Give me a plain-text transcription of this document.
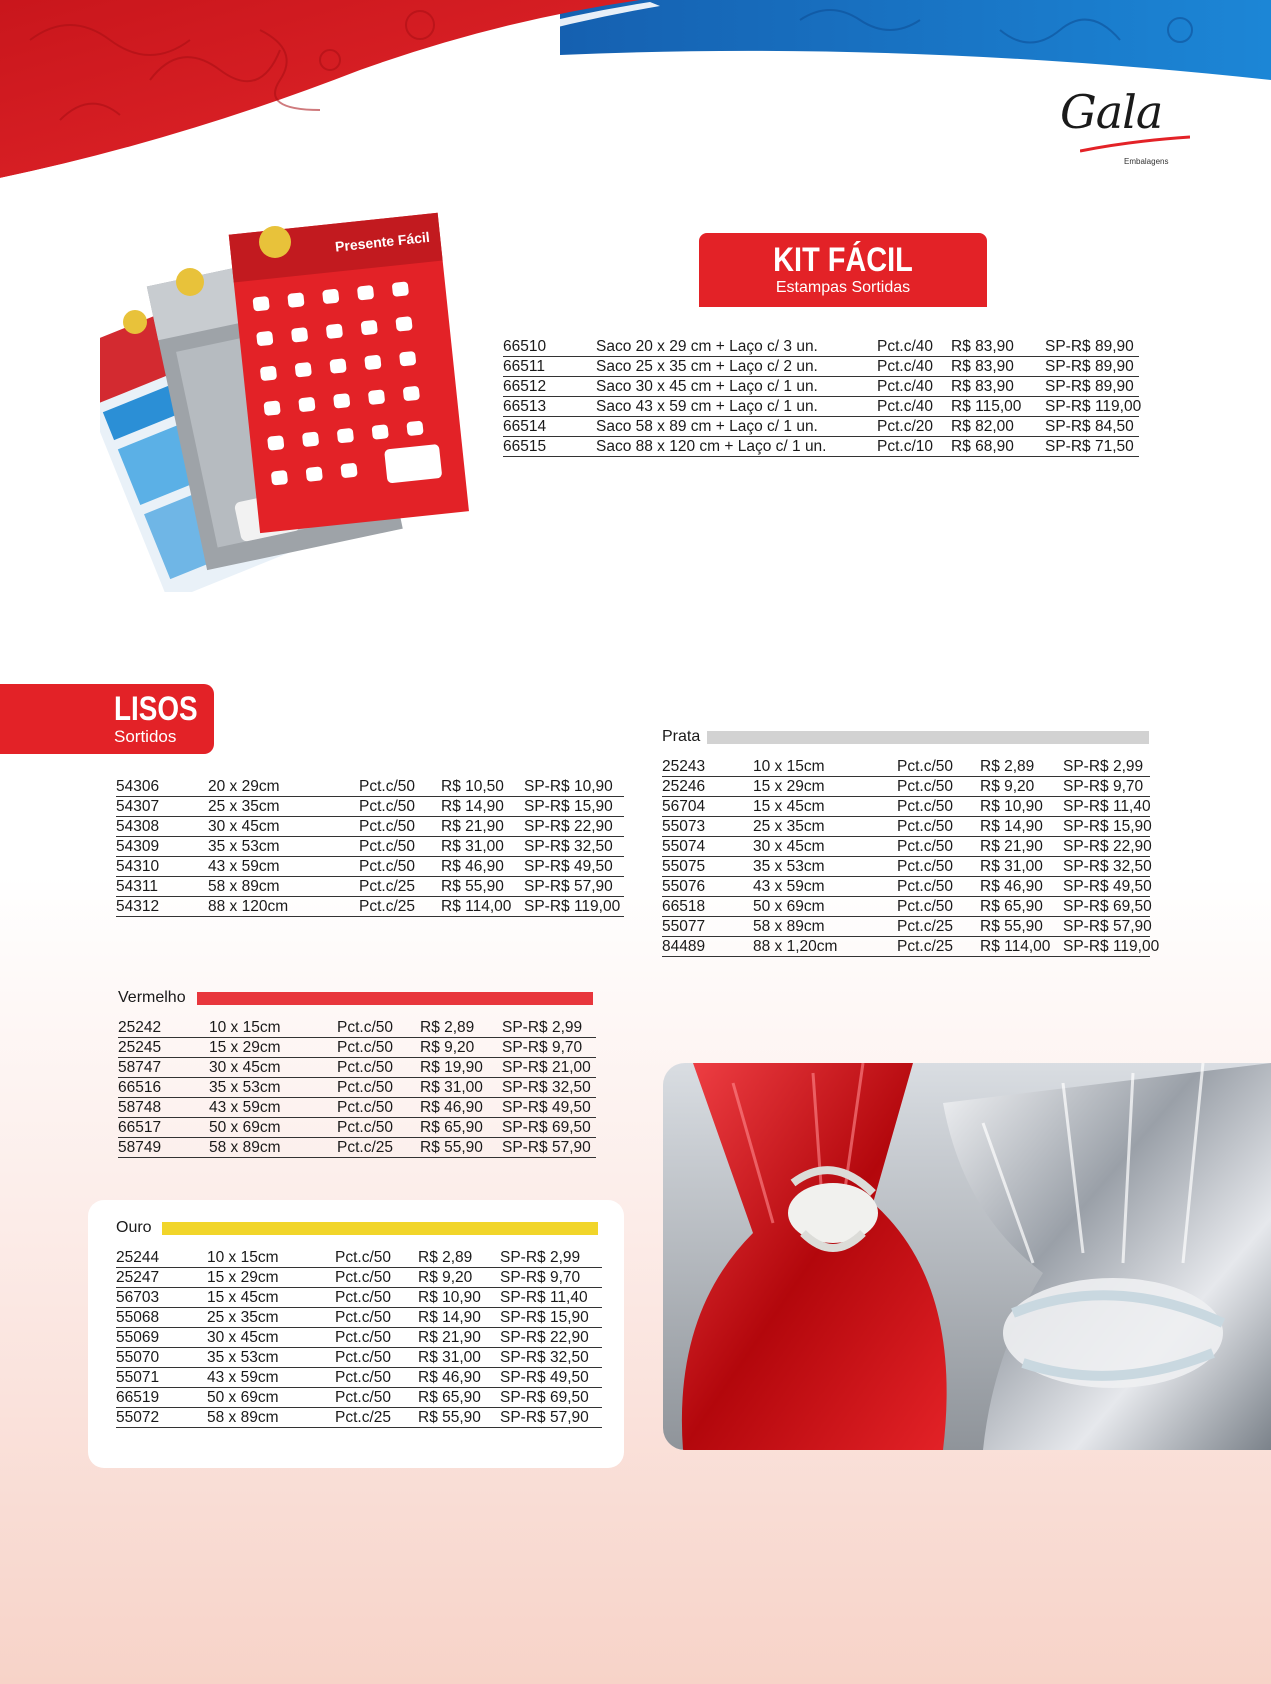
Gala
Embalagens
Presente Fácil	KIT FÁCIL
Estampas Sortidas
66510	Saco 20 x 29 cm + Laço c/ 3 un.	Pct.c/40 R$ 83,90 SP-R$ 89,90
66511	Saco 25 x 35 cm + Laço c/ 2 un.	Pct.c/40 R$ 83,90 SP-R$ 89,90
66512	Saco 30 x 45 cm + Laço c/ 1 un.	Pct.c/40 R$ 83,90 SP-R$ 89,90
66513	Saco 43 x 59 cm + Laço c/ 1 un.	Pct.c/40 R$ 115,00 SP-R$ 119,00
66514	Saco 58 x 89 cm + Laço c/ 1 un.	Pct.c/20 R$ 82,00 SP-R$ 84,50
66515	Saco 88 x 120 cm + Laço c/ 1 un.	Pct.c/10 R$ 68,90 SP-R$ 71,50
LISOS
Sortidos
54306	20 x 29cm	Pct.c/50 R$ 10,50 SP-R$ 10,90
54307	25 x 35cm	Pct.c/50 R$ 14,90 SP-R$ 15,90
54308	30 x 45cm	Pct.c/50 R$ 21,90 SP-R$ 22,90
54309	35 x 53cm	Pct.c/50 R$ 31,00 SP-R$ 32,50
54310	43 x 59cm	Pct.c/50 R$ 46,90 SP-R$ 49,50
54311	58 x 89cm	Pct.c/25 R$ 55,90 SP-R$ 57,90
54312	88 x 120cm	Pct.c/25 R$ 114,00 SP-R$ 119,00
Prata
25243	10 x 15cm	Pct.c/50 R$ 2,89 SP-R$ 2,99
25246	15 x 29cm	Pct.c/50 R$ 9,20 SP-R$ 9,70
56704	15 x 45cm	Pct.c/50 R$ 10,90 SP-R$ 11,40
55073	25 x 35cm	Pct.c/50 R$ 14,90 SP-R$ 15,90
55074	30 x 45cm	Pct.c/50 R$ 21,90 SP-R$ 22,90
55075	35 x 53cm	Pct.c/50 R$ 31,00 SP-R$ 32,50
55076	43 x 59cm	Pct.c/50 R$ 46,90 SP-R$ 49,50
66518	50 x 69cm	Pct.c/50 R$ 65,90 SP-R$ 69,50
55077	58 x 89cm	Pct.c/25 R$ 55,90 SP-R$ 57,90
84489	88 x 1,20cm	Pct.c/25 R$ 114,00 SP-R$ 119,00
Vermelho
25242	10 x 15cm	Pct.c/50 R$ 2,89 SP-R$ 2,99
25245	15 x 29cm	Pct.c/50 R$ 9,20 SP-R$ 9,70
58747	30 x 45cm	Pct.c/50 R$ 19,90 SP-R$ 21,00
66516	35 x 53cm	Pct.c/50 R$ 31,00 SP-R$ 32,50
58748	43 x 59cm	Pct.c/50 R$ 46,90 SP-R$ 49,50
66517	50 x 69cm	Pct.c/50 R$ 65,90 SP-R$ 69,50
58749	58 x 89cm	Pct.c/25 R$ 55,90 SP-R$ 57,90
Ouro
25244	10 x 15cm	Pct.c/50 R$ 2,89 SP-R$ 2,99
25247	15 x 29cm	Pct.c/50 R$ 9,20 SP-R$ 9,70
56703	15 x 45cm	Pct.c/50 R$ 10,90 SP-R$ 11,40
55068	25 x 35cm	Pct.c/50 R$ 14,90 SP-R$ 15,90
55069	30 x 45cm	Pct.c/50 R$ 21,90 SP-R$ 22,90
55070	35 x 53cm	Pct.c/50 R$ 31,00 SP-R$ 32,50
55071	43 x 59cm	Pct.c/50 R$ 46,90 SP-R$ 49,50
66519	50 x 69cm	Pct.c/50 R$ 65,90 SP-R$ 69,50
55072	58 x 89cm	Pct.c/25 R$ 55,90 SP-R$ 57,90
